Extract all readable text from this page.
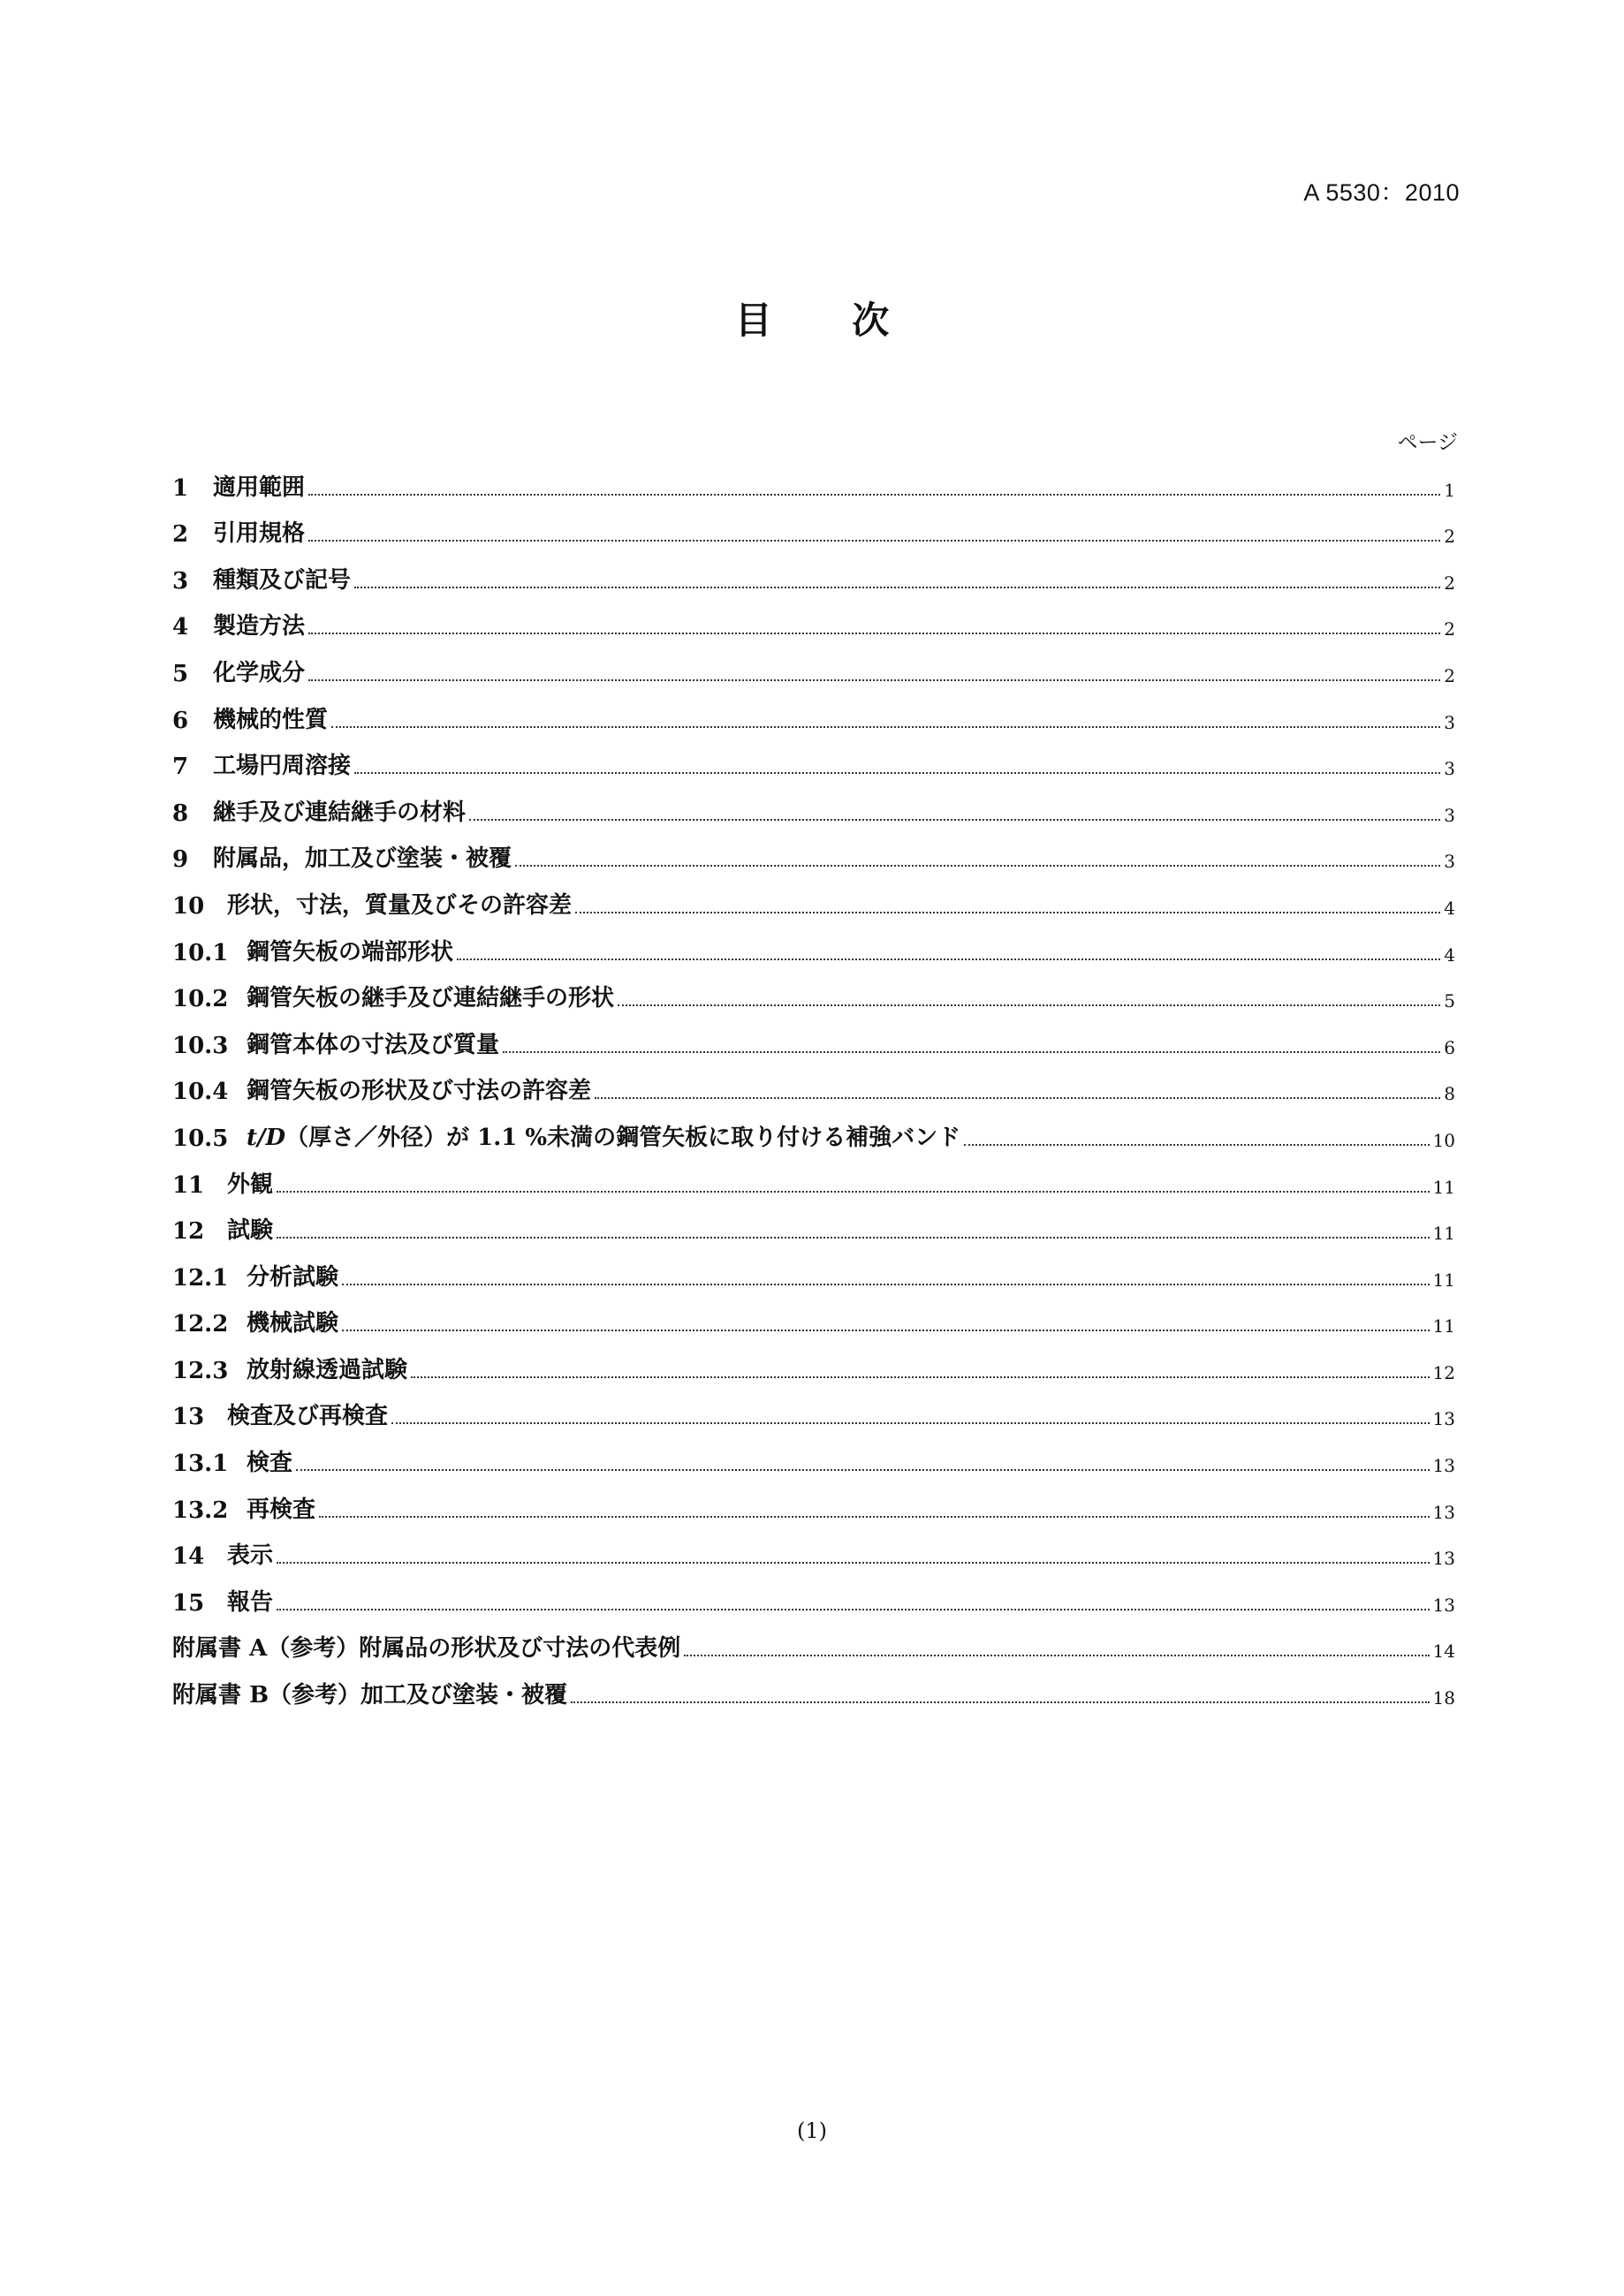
A 5530：2010
目 次
ページ
1	適用範囲	1
2	引用規格	2
3	種類及び記号	2
4	製造方法	2
5	化学成分	2
6	機械的性質	3
7	工場円周溶接	3
8	継手及び連結継手の材料	3
9	附属品，加工及び塗装・被覆	3
10 形状，寸法，質量及びその許容差	4
10.1 鋼管矢板の端部形状	4
10.2 鋼管矢板の継手及び連結継手の形状	5
10.3 鋼管本体の寸法及び質量	6
10.4 鋼管矢板の形状及び寸法の許容差	8
10.5 t/D（厚さ／外径）が 1.1 %未満の鋼管矢板に取り付ける補強バンド	10
11 外観	11
12 試験	11
12.1 分析試験	11
12.2 機械試験	11
12.3 放射線透過試験	12
13 検査及び再検査	13
13.1 検査	13
13.2 再検査	13
14 表示	13
15 報告	13
附属書 A（参考）附属品の形状及び寸法の代表例	14
附属書 B（参考）加工及び塗装・被覆	18
(1)
